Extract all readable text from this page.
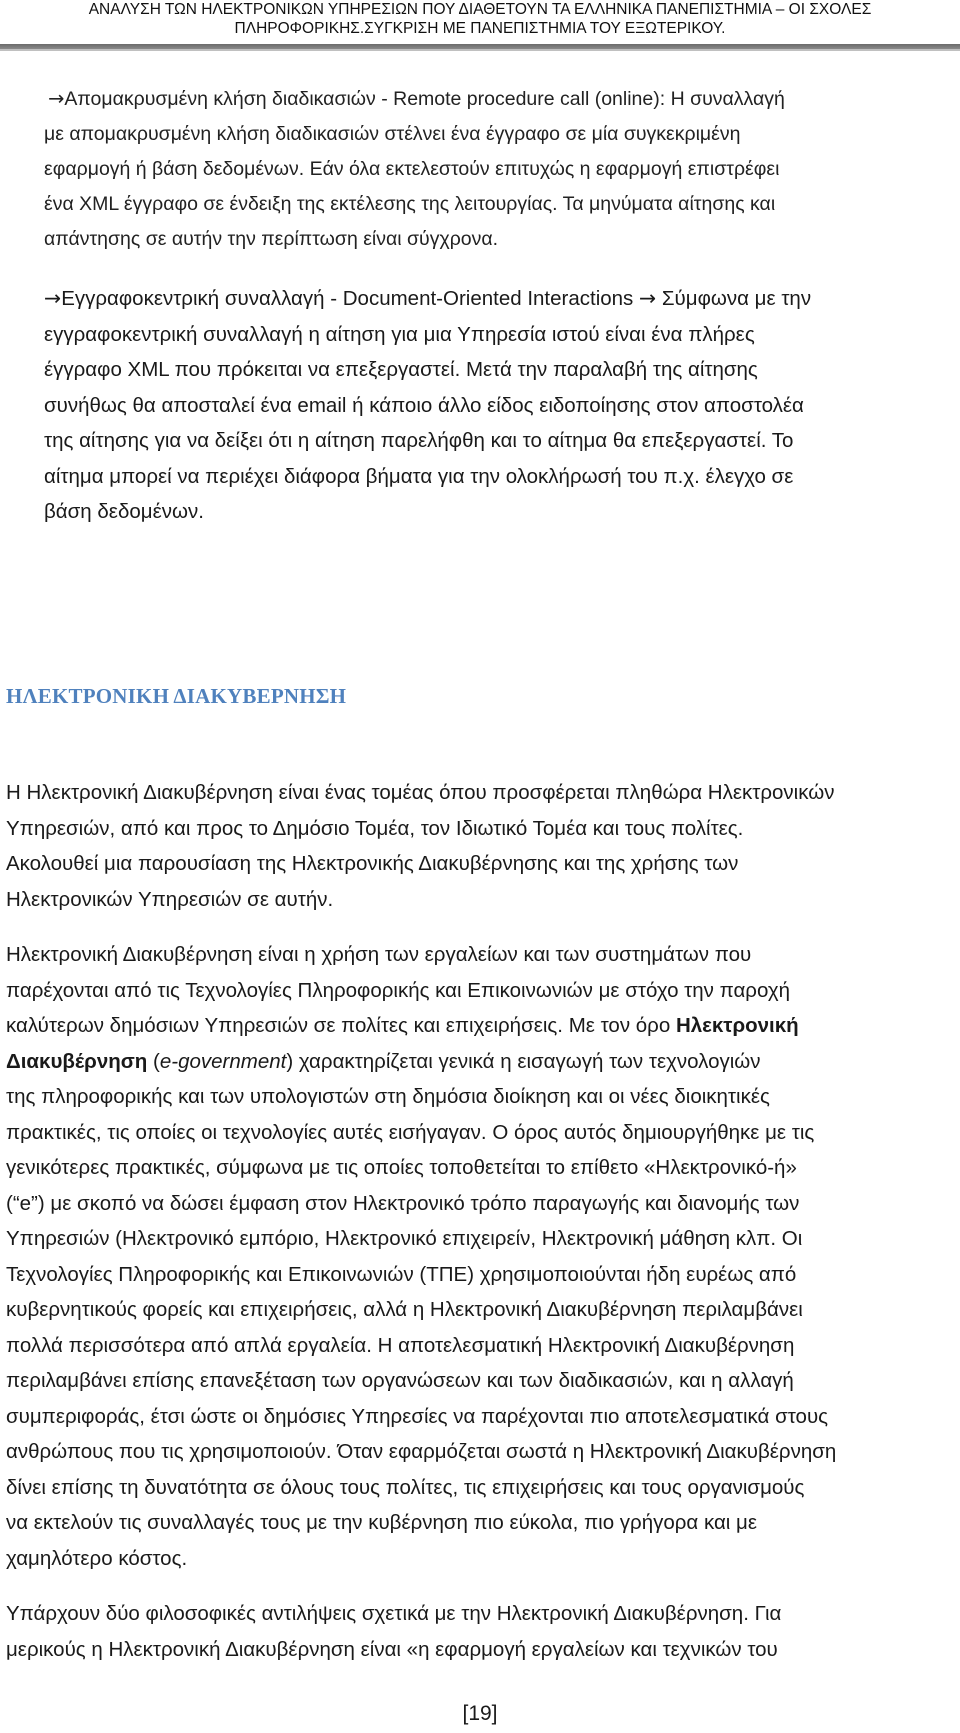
ΑΝΑΛΥΣΗ ΤΩΝ ΗΛΕΚΤΡΟΝΙΚΩΝ ΥΠΗΡΕΣΙΩΝ ΠΟΥ ΔΙΑΘΕΤΟΥΝ ΤΑ ΕΛΛΗΝΙΚΑ ΠΑΝΕΠΙΣΤΗΜΙΑ – ΟΙ ΣΧΟΛΕΣ
ΠΛΗΡΟΦΟΡΙΚΗΣ.ΣΥΓΚΡΙΣΗ ΜΕ ΠΑΝΕΠΙΣΤΗΜΙΑ ΤΟΥ ΕΞΩΤΕΡΙΚΟΥ.
→Απομακρυσμένη κλήση διαδικασιών - Remote procedure call (online): Η συναλλαγή
με απομακρυσμένη κλήση διαδικασιών στέλνει ένα έγγραφο σε μία συγκεκριμένη
εφαρμογή ή βάση δεδομένων. Εάν όλα εκτελεστούν επιτυχώς η εφαρμογή επιστρέφει
ένα XML έγγραφο σε ένδειξη της εκτέλεσης της λειτουργίας. Τα μηνύματα αίτησης και
απάντησης σε αυτήν την περίπτωση είναι σύγχρονα.
→Εγγραφοκεντρική συναλλαγή - Document-Oriented Interactions → Σύμφωνα με την
εγγραφοκεντρική συναλλαγή η αίτηση για μια Υπηρεσία ιστού είναι ένα πλήρες
έγγραφο XML που πρόκειται να επεξεργαστεί. Μετά την παραλαβή της αίτησης
συνήθως θα αποσταλεί ένα email ή κάποιο άλλο είδος ειδοποίησης στον αποστολέα
της αίτησης για να δείξει ότι η αίτηση παρελήφθη και το αίτημα θα επεξεργαστεί. Το
αίτημα μπορεί να περιέχει διάφορα βήματα για την ολοκλήρωσή του π.χ. έλεγχο σε
βάση δεδομένων.
ΗΛΕΚΤΡΟΝΙΚΗ ΔΙΑΚΥΒΕΡΝΗΣΗ
Η Ηλεκτρονική Διακυβέρνηση είναι ένας τομέας όπου προσφέρεται πληθώρα Ηλεκτρονικών
Υπηρεσιών, από και προς το Δημόσιο Τομέα, τον Ιδιωτικό Τομέα και τους πολίτες.
Ακολουθεί μια παρουσίαση της Ηλεκτρονικής Διακυβέρνησης και της χρήσης των
Ηλεκτρονικών Υπηρεσιών σε αυτήν.
Ηλεκτρονική Διακυβέρνηση είναι η χρήση των εργαλείων και των συστημάτων που
παρέχονται από τις Τεχνολογίες Πληροφορικής και Επικοινωνιών με στόχο την παροχή
καλύτερων δημόσιων Υπηρεσιών σε πολίτες και επιχειρήσεις. Με τον όρο Ηλεκτρονική
Διακυβέρνηση (e-government) χαρακτηρίζεται γενικά η εισαγωγή των τεχνολογιών
της πληροφορικής και των υπολογιστών στη δημόσια διοίκηση και οι νέες διοικητικές
πρακτικές, τις οποίες οι τεχνολογίες αυτές εισήγαγαν. Ο όρος αυτός δημιουργήθηκε με τις
γενικότερες πρακτικές, σύμφωνα με τις οποίες τοποθετείται το επίθετο «Ηλεκτρονικό-ή»
(“e”) με σκοπό να δώσει έμφαση στον Ηλεκτρονικό τρόπο παραγωγής και διανομής των
Υπηρεσιών (Ηλεκτρονικό εμπόριο, Ηλεκτρονικό επιχειρείν, Ηλεκτρονική μάθηση κλπ. Οι
Τεχνολογίες Πληροφορικής και Επικοινωνιών (ΤΠΕ) χρησιμοποιούνται ήδη ευρέως από
κυβερνητικούς φορείς και επιχειρήσεις, αλλά η Ηλεκτρονική Διακυβέρνηση περιλαμβάνει
πολλά περισσότερα από απλά εργαλεία. Η αποτελεσματική Ηλεκτρονική Διακυβέρνηση
περιλαμβάνει επίσης επανεξέταση των οργανώσεων και των διαδικασιών, και η αλλαγή
συμπεριφοράς, έτσι ώστε οι δημόσιες Υπηρεσίες να παρέχονται πιο αποτελεσματικά στους
ανθρώπους που τις χρησιμοποιούν. Όταν εφαρμόζεται σωστά η Ηλεκτρονική Διακυβέρνηση
δίνει επίσης τη δυνατότητα σε όλους τους πολίτες, τις επιχειρήσεις και τους οργανισμούς
να εκτελούν τις συναλλαγές τους με την κυβέρνηση πιο εύκολα, πιο γρήγορα και με
χαμηλότερο κόστος.
Υπάρχουν δύο φιλοσοφικές αντιλήψεις σχετικά με την Ηλεκτρονική Διακυβέρνηση. Για
μερικούς η Ηλεκτρονική Διακυβέρνηση είναι «η εφαρμογή εργαλείων και τεχνικών του
[19]
